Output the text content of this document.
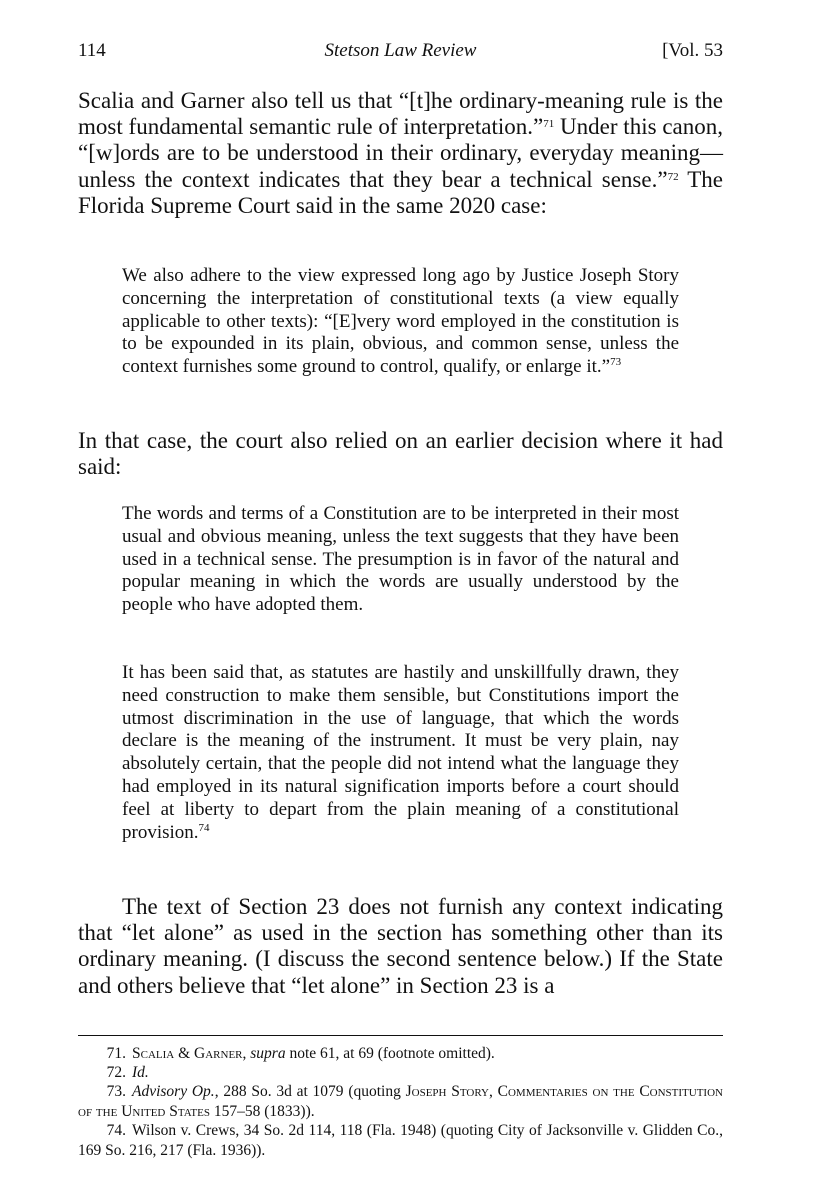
114	Stetson Law Review	[Vol. 53

Scalia and Garner also tell us that “[t]he ordinary-meaning rule is the most fundamental semantic rule of interpretation.”$^{71}$ Under this canon, “[w]ords are to be understood in their ordinary, everyday meaning—unless the context indicates that they bear a technical sense.”$^{72}$ The Florida Supreme Court said in the same 2020 case:

We also adhere to the view expressed long ago by Justice Joseph Story concerning the interpretation of constitutional texts (a view equally applicable to other texts): “[E]very word employed in the constitution is to be expounded in its plain, obvious, and common sense, unless the context furnishes some ground to control, qualify, or enlarge it.”$^{73}$

In that case, the court also relied on an earlier decision where it had said:

The words and terms of a Constitution are to be interpreted in their most usual and obvious meaning, unless the text suggests that they have been used in a technical sense. The presumption is in favor of the natural and popular meaning in which the words are usually understood by the people who have adopted them.

It has been said that, as statutes are hastily and unskillfully drawn, they need construction to make them sensible, but Constitutions import the utmost discrimination in the use of language, that which the words declare is the meaning of the instrument. It must be very plain, nay absolutely certain, that the people did not intend what the language they had employed in its natural signification imports before a court should feel at liberty to depart from the plain meaning of a constitutional provision.$^{74}$

The text of Section 23 does not furnish any context indicating that “let alone” as used in the section has something other than its ordinary meaning. (I discuss the second sentence below.) If the State and others believe that “let alone” in Section 23 is a

71. Scalia & Garner, supra note 61, at 69 (footnote omitted).

72. Id.

73. Advisory Op., 288 So. 3d at 1079 (quoting Joseph Story, Commentaries on the Constitution of the United States 157–58 (1833)).

74. Wilson v. Crews, 34 So. 2d 114, 118 (Fla. 1948) (quoting City of Jacksonville v. Glidden Co., 169 So. 216, 217 (Fla. 1936)).
